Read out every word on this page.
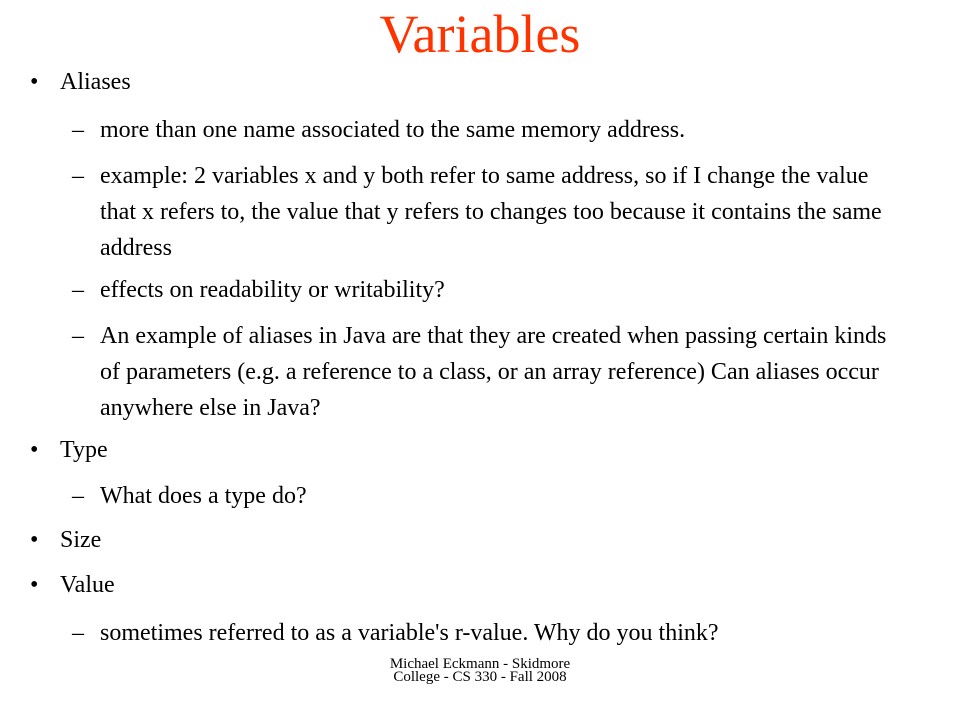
Variables
• Aliases
– more than one name associated to the same memory address.
– example: 2 variables x and y both refer to same address, so if I change the value that x refers to, the value that y refers to changes too because it contains the same address
– effects on readability or writability?
– An example of aliases in Java are that they are created when passing certain kinds of parameters (e.g. a reference to a class, or an array reference) Can aliases occur anywhere else in Java?
• Type
– What does a type do?
• Size
• Value
– sometimes referred to as a variable's r-value. Why do you think?
Michael Eckmann - Skidmore
College - CS 330 - Fall 2008
